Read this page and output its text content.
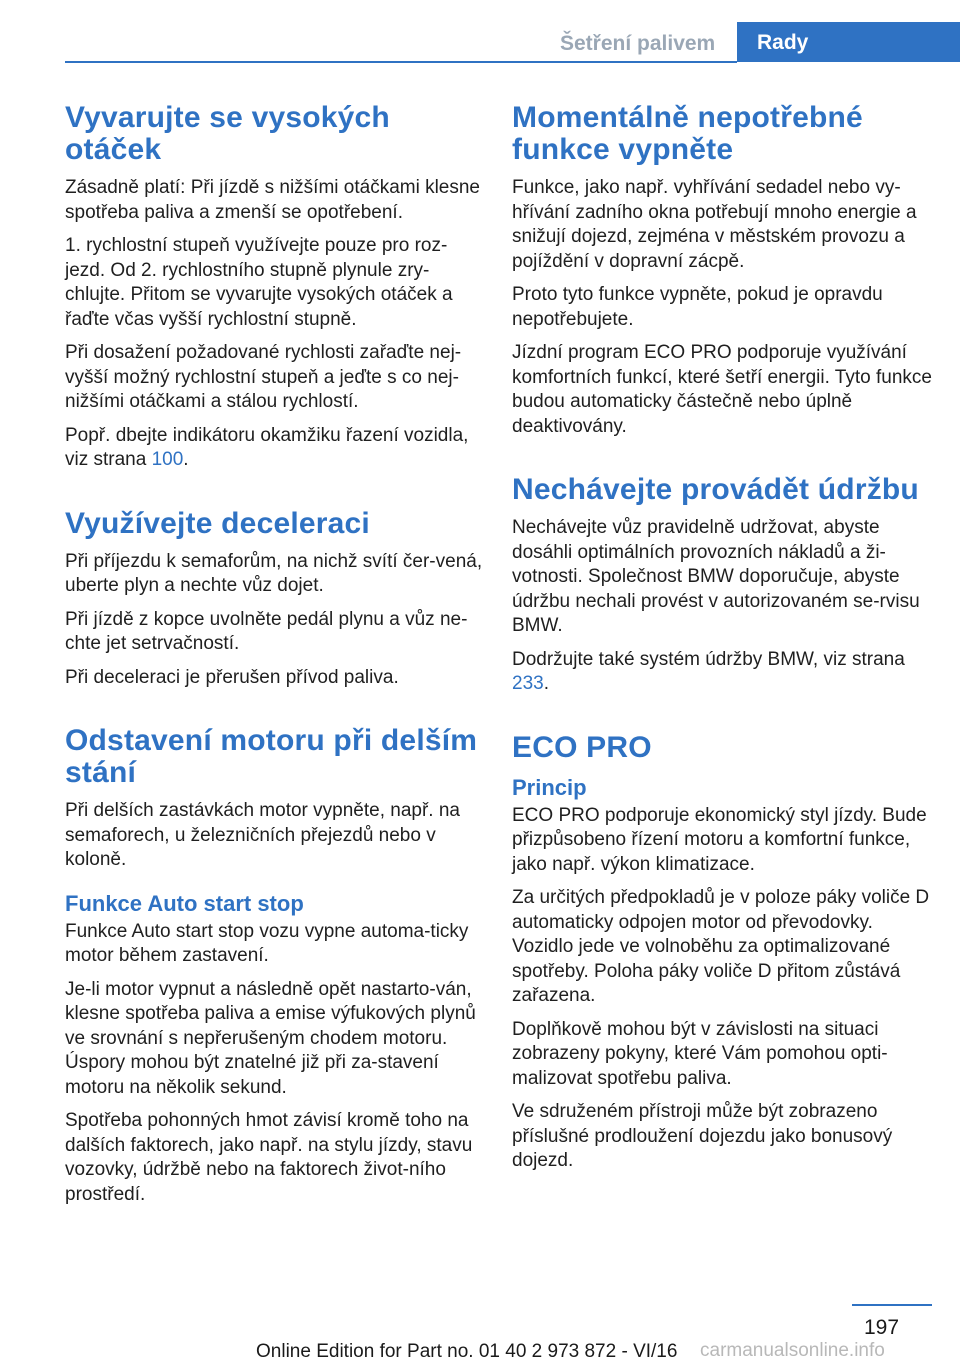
Šetření palivem	Rady
Vyvarujte se vysokých otáček

Zásadně platí: Při jízdě s nižšími otáčkami klesne spotřeba paliva a zmenší se opotřebení.

1. rychlostní stupeň využívejte pouze pro roz‐jezd. Od 2. rychlostního stupně plynule zry‐chlujte. Přitom se vyvarujte vysokých otáček a řaďte včas vyšší rychlostní stupně.

Při dosažení požadované rychlosti zařaďte nej‐vyšší možný rychlostní stupeň a jeďte s co nej‐nižšími otáčkami a stálou rychlostí.

Popř. dbejte indikátoru okamžiku řazení vozidla, viz strana 100.

Využívejte deceleraci

Při příjezdu k semaforům, na nichž svítí čer‐vená, uberte plyn a nechte vůz dojet.

Při jízdě z kopce uvolněte pedál plynu a vůz ne‐chte jet setrvačností.

Při deceleraci je přerušen přívod paliva.

Odstavení motoru při delším stání

Při delších zastávkách motor vypněte, např. na semaforech, u železničních přejezdů nebo v koloně.

Funkce Auto start stop

Funkce Auto start stop vozu vypne automa‐ticky motor během zastavení.

Je-li motor vypnut a následně opět nastarto‐ván, klesne spotřeba paliva a emise výfukových plynů ve srovnání s nepřerušeným chodem motoru. Úspory mohou být znatelné již při za‐stavení motoru na několik sekund.

Spotřeba pohonných hmot závisí kromě toho na dalších faktorech, jako např. na stylu jízdy, stavu vozovky, údržbě nebo na faktorech život‐ního prostředí.

Momentálně nepotřebné funkce vypněte

Funkce, jako např. vyhřívání sedadel nebo vy‐hřívání zadního okna potřebují mnoho energie a snižují dojezd, zejména v městském provozu a pojíždění v dopravní zácpě.

Proto tyto funkce vypněte, pokud je opravdu nepotřebujete.

Jízdní program ECO PRO podporuje využívání komfortních funkcí, které šetří energii. Tyto funkce budou automaticky částečně nebo úplně deaktivovány.

Nechávejte provádět údržbu

Nechávejte vůz pravidelně udržovat, abyste dosáhli optimálních provozních nákladů a ži‐votnosti. Společnost BMW doporučuje, abyste údržbu nechali provést v autorizovaném se‐rvisu BMW.

Dodržujte také systém údržby BMW, viz strana 233.

ECO PRO
Princip

ECO PRO podporuje ekonomický styl jízdy. Bude přizpůsobeno řízení motoru a komfortní funkce, jako např. výkon klimatizace.

Za určitých předpokladů je v poloze páky voliče D automaticky odpojen motor od převodovky. Vozidlo jede ve volnoběhu za optimalizované spotřeby. Poloha páky voliče D přitom zůstává zařazena.

Doplňkově mohou být v závislosti na situaci zobrazeny pokyny, které Vám pomohou opti‐malizovat spotřebu paliva.

Ve sdruženém přístroji může být zobrazeno příslušné prodloužení dojezdu jako bonusový dojezd.

197
Online Edition for Part no. 01 40 2 973 872 - VI/16 carmanualsonline.info
